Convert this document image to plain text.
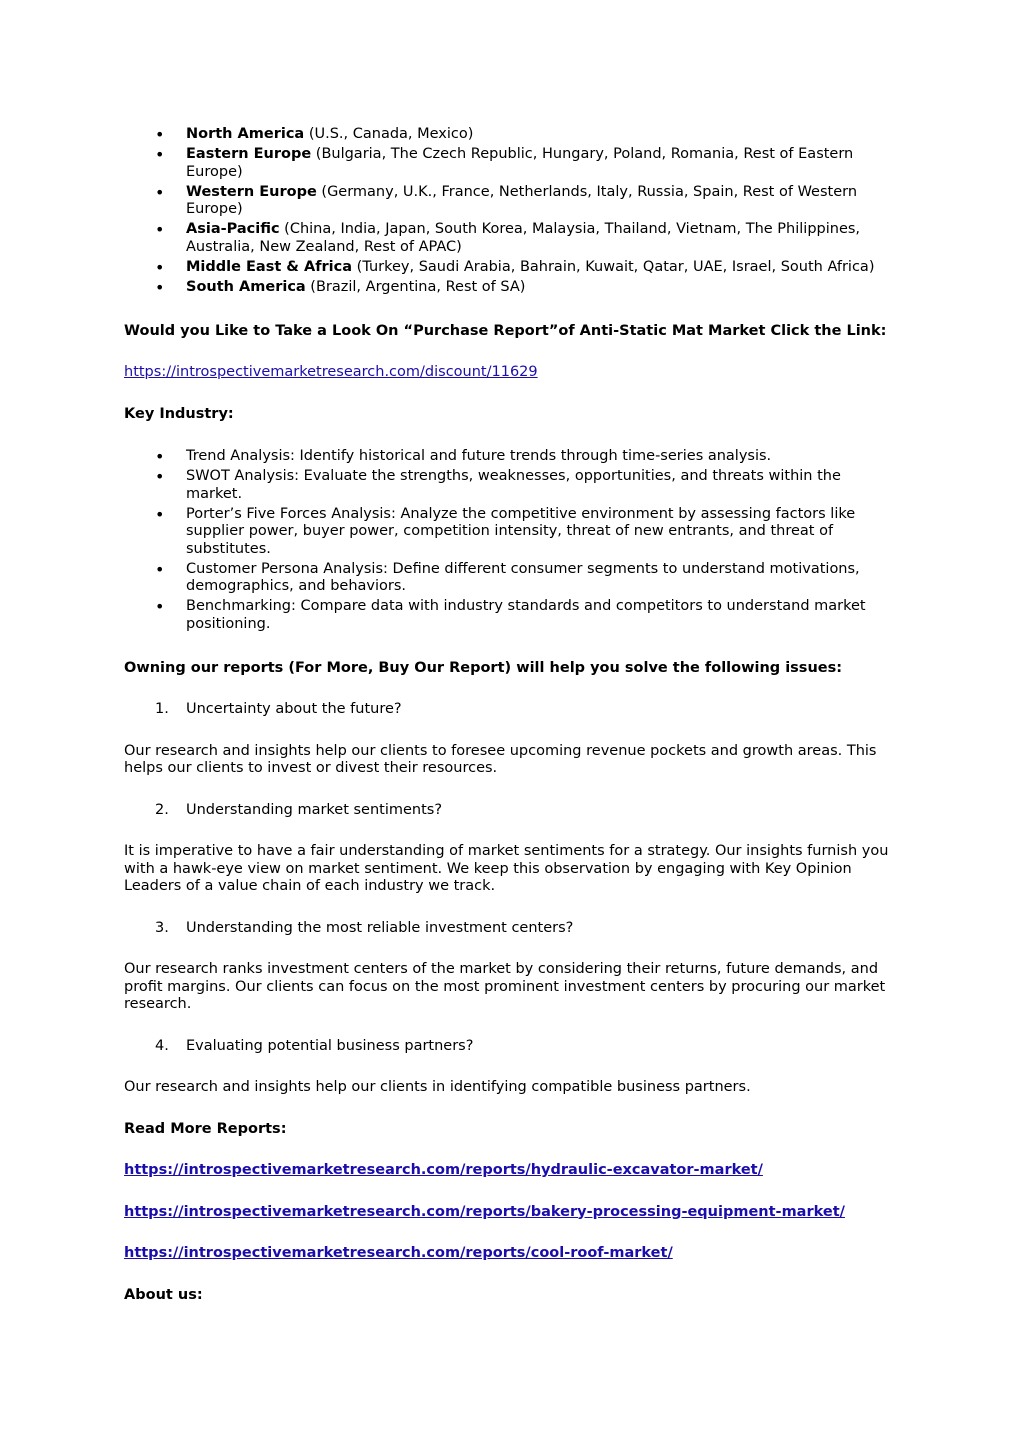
• North America (U.S., Canada, Mexico)
• Eastern Europe (Bulgaria, The Czech Republic, Hungary, Poland, Romania, Rest of Eastern Europe)
• Western Europe (Germany, U.K., France, Netherlands, Italy, Russia, Spain, Rest of Western Europe)
• Asia-Pacific (China, India, Japan, South Korea, Malaysia, Thailand, Vietnam, The Philippines, Australia, New Zealand, Rest of APAC)
• Middle East & Africa (Turkey, Saudi Arabia, Bahrain, Kuwait, Qatar, UAE, Israel, South Africa)
• South America (Brazil, Argentina, Rest of SA)

Would you Like to Take a Look On “Purchase Report”of Anti-Static Mat Market Click the Link:

https://introspectivemarketresearch.com/discount/11629

Key Industry:

• Trend Analysis: Identify historical and future trends through time-series analysis.
• SWOT Analysis: Evaluate the strengths, weaknesses, opportunities, and threats within the market.
• Porter’s Five Forces Analysis: Analyze the competitive environment by assessing factors like supplier power, buyer power, competition intensity, threat of new entrants, and threat of substitutes.
• Customer Persona Analysis: Define different consumer segments to understand motivations, demographics, and behaviors.
• Benchmarking: Compare data with industry standards and competitors to understand market positioning.

Owning our reports (For More, Buy Our Report) will help you solve the following issues:

1. Uncertainty about the future?

Our research and insights help our clients to foresee upcoming revenue pockets and growth areas. This helps our clients to invest or divest their resources.

2. Understanding market sentiments?

It is imperative to have a fair understanding of market sentiments for a strategy. Our insights furnish you with a hawk-eye view on market sentiment. We keep this observation by engaging with Key Opinion Leaders of a value chain of each industry we track.

3. Understanding the most reliable investment centers?

Our research ranks investment centers of the market by considering their returns, future demands, and profit margins. Our clients can focus on the most prominent investment centers by procuring our market research.

4. Evaluating potential business partners?

Our research and insights help our clients in identifying compatible business partners.

Read More Reports:

https://introspectivemarketresearch.com/reports/hydraulic-excavator-market/

https://introspectivemarketresearch.com/reports/bakery-processing-equipment-market/

https://introspectivemarketresearch.com/reports/cool-roof-market/

About us:
